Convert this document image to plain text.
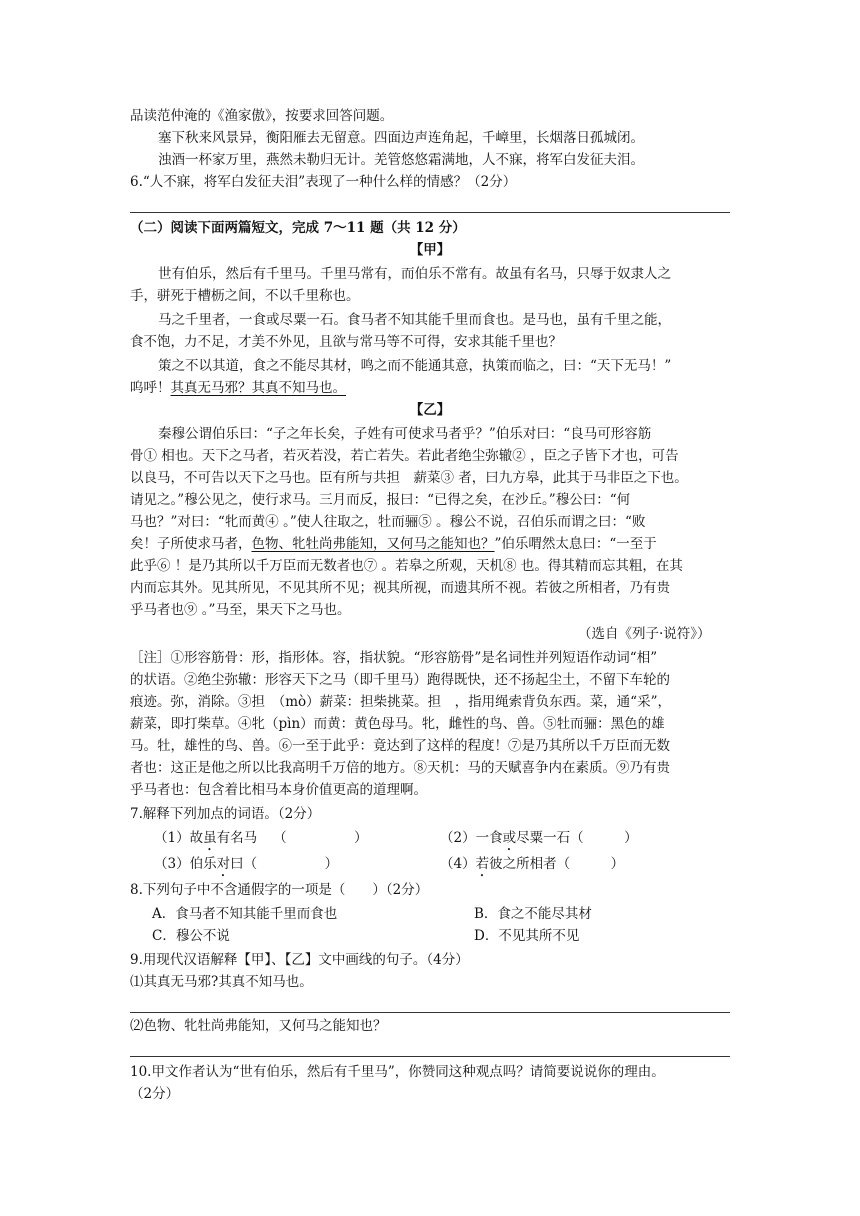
品读范仲淹的《渔家傲》，按要求回答问题。
塞下秋来风景异，衡阳雁去无留意。四面边声连角起，千嶂里，长烟落日孤城闭。
浊酒一杯家万里，燕然未勒归无计。羌管悠悠霜满地，人不寐，将军白发征夫泪。
6.“人不寐，将军白发征夫泪”表现了一种什么样的情感？（2分）
（二）阅读下面两篇短文，完成 7～11 题（共 12 分）
【甲】
世有伯乐，然后有千里马。千里马常有，而伯乐不常有。故虽有名马，只辱于奴隶人之
手，骈死于槽枥之间，不以千里称也。
马之千里者，一食或尽粟一石。食马者不知其能千里而食也。是马也，虽有千里之能，
食不饱，力不足，才美不外见，且欲与常马等不可得，安求其能千里也？
策之不以其道，食之不能尽其材，鸣之而不能通其意，执策而临之，曰：“天下无马！”
呜呼！其真无马邪？其真不知马也。
【乙】
秦穆公谓伯乐曰：“子之年长矣，子姓有可使求马者乎？”伯乐对曰：“良马可形容筋
骨① 相也。天下之马者，若灭若没，若亡若失。若此者绝尘弥辙② ，臣之子皆下才也，可告
以良马，不可告以天下之马也。臣有所与共担　薪菜③ 者，曰九方皋，此其于马非臣之下也。
请见之。”穆公见之，使行求马。三月而反，报曰：“已得之矣，在沙丘。”穆公曰：“何
马也？”对曰：“牝而黄④ 。”使人往取之，牡而骊⑤ 。穆公不说，召伯乐而谓之曰：“败
矣！子所使求马者，色物、牝牡尚弗能知，又何马之能知也？”伯乐喟然太息曰：“一至于
此乎⑥ ！是乃其所以千万臣而无数者也⑦ 。若皋之所观，天机⑧ 也。得其精而忘其粗，在其
内而忘其外。见其所见，不见其所不见；视其所视，而遗其所不视。若彼之所相者，乃有贵
乎马者也⑨ 。”马至，果天下之马也。
（选自《列子·说符》）
［注］①形容筋骨：形，指形体。容，指状貌。“形容筋骨”是名词性并列短语作动词“相”
的状语。②绝尘弥辙：形容天下之马（即千里马）跑得既快，还不扬起尘土，不留下车轮的
痕迹。弥，消除。③担　（mò）薪菜：担柴挑菜。担　，指用绳索背负东西。菜，通“采”，
薪菜，即打柴草。④牝（pìn）而黄：黄色母马。牝，雌性的鸟、兽。⑤牡而骊：黑色的雄
马。牡，雄性的鸟、兽。⑥一至于此乎：竟达到了这样的程度！⑦是乃其所以千万臣而无数
者也：这正是他之所以比我高明千万倍的地方。⑧天机：马的天赋喜争内在素质。⑨乃有贵
乎马者也：包含着比相马本身价值更高的道理啊。
7.解释下列加点的词语。（2分）
（1）故虽有名马 （　　　　　）	（2）一食或尽粟一石（　　　）
（3）伯乐对曰（　　　　　）	（4）若彼之所相者（　　　）
8.下列句子中不含通假字的一项是（　　）（2分）
A．食马者不知其能千里而食也	B．食之不能尽其材
C．穆公不说	D．不见其所不见
9.用现代汉语解释【甲】、【乙】文中画线的句子。（4分）
⑴其真无马邪?其真不知马也。
⑵色物、牝牡尚弗能知，又何马之能知也？
10.甲文作者认为“世有伯乐，然后有千里马”，你赞同这种观点吗？请简要说说你的理由。
（2分）
